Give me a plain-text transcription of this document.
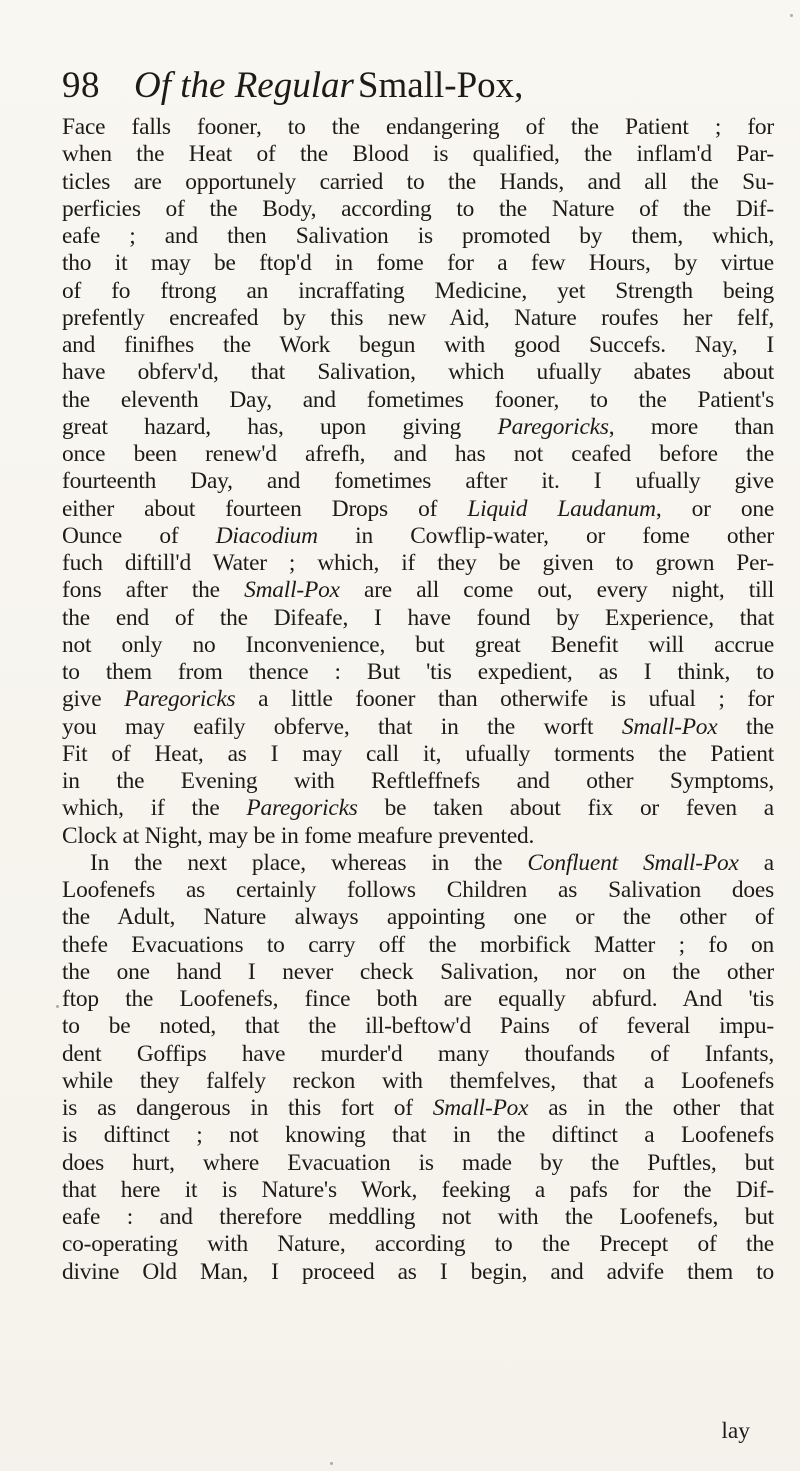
98 Of the Regular Small-Pox,
Face falls fooner, to the endangering of the Patient ; for
when the Heat of the Blood is qualified, the inflam'd Par-
ticles are opportunely carried to the Hands, and all the Su-
perficies of the Body, according to the Nature of the Dif-
eafe ; and then Salivation is promoted by them, which,
tho it may be ftop'd in fome for a few Hours, by virtue
of fo ftrong an incraffating Medicine, yet Strength being
prefently encreafed by this new Aid, Nature roufes her felf,
and finifhes the Work begun with good Succefs. Nay, I
have obferv'd, that Salivation, which ufually abates about
the eleventh Day, and fometimes fooner, to the Patient's
great hazard, has, upon giving Paregoricks, more than
once been renew'd afrefh, and has not ceafed before the
fourteenth Day, and fometimes after it. I ufually give
either about fourteen Drops of Liquid Laudanum, or one
Ounce of Diacodium in Cowflip-water, or fome other
fuch diftill'd Water ; which, if they be given to grown Per-
fons after the Small-Pox are all come out, every night, till
the end of the Difeafe, I have found by Experience, that
not only no Inconvenience, but great Benefit will accrue
to them from thence : But 'tis expedient, as I think, to
give Paregoricks a little fooner than otherwife is ufual ; for
you may eafily obferve, that in the worft Small-Pox the
Fit of Heat, as I may call it, ufually torments the Patient
in the Evening with Reftleffnefs and other Symptoms,
which, if the Paregoricks be taken about fix or feven a
Clock at Night, may be in fome meafure prevented.
In the next place, whereas in the Confluent Small-Pox a
Loofenefs as certainly follows Children as Salivation does
the Adult, Nature always appointing one or the other of
thefe Evacuations to carry off the morbifick Matter ; fo on
the one hand I never check Salivation, nor on the other
ftop the Loofenefs, fince both are equally abfurd. And 'tis
to be noted, that the ill-beftow'd Pains of feveral impu-
dent Goffips have murder'd many thoufands of Infants,
while they falfely reckon with themfelves, that a Loofenefs
is as dangerous in this fort of Small-Pox as in the other that
is diftinct ; not knowing that in the diftinct a Loofenefs
does hurt, where Evacuation is made by the Puftles, but
that here it is Nature's Work, feeking a pafs for the Dif-
eafe : and therefore meddling not with the Loofenefs, but
co-operating with Nature, according to the Precept of the
divine Old Man, I proceed as I begin, and advife them to
lay
